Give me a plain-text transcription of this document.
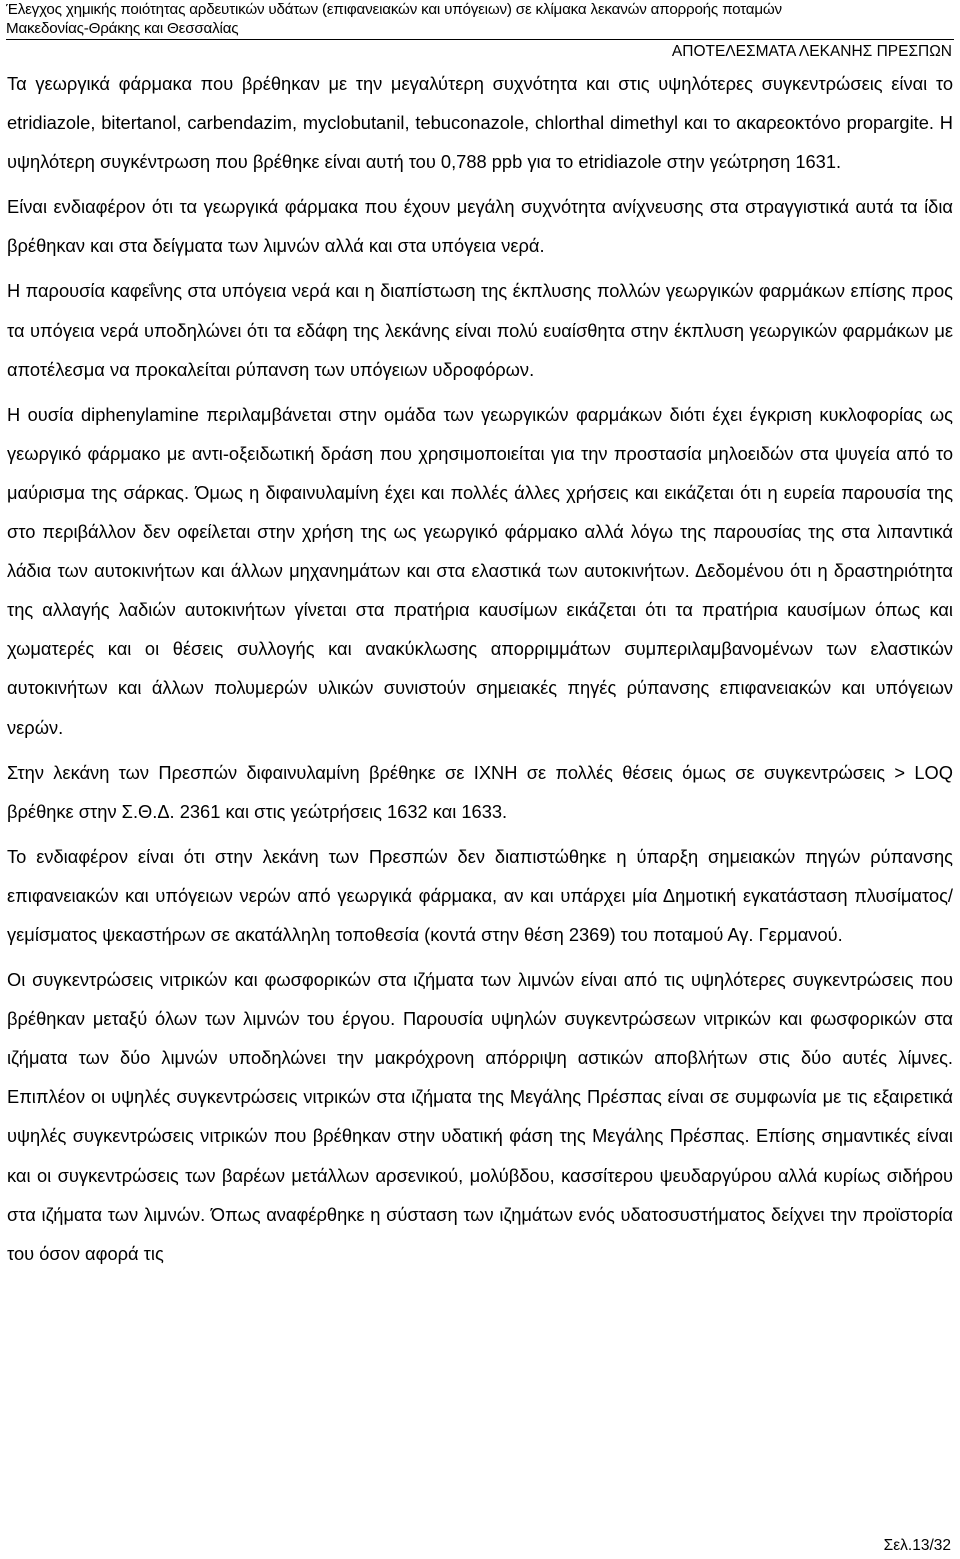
Έλεγχος χημικής ποιότητας αρδευτικών υδάτων (επιφανειακών και υπόγειων) σε κλίμακα λεκανών απορροής ποταμών
Μακεδονίας-Θράκης και Θεσσαλίας
ΑΠΟΤΕΛΕΣΜΑΤΑ ΛΕΚΑΝΗΣ ΠΡΕΣΠΩΝ

Τα γεωργικά φάρμακα που βρέθηκαν με την μεγαλύτερη συχνότητα και στις υψηλότερες συγκεντρώσεις είναι το etridiazole, bitertanol, carbendazim, myclobutanil, tebuconazole, chlorthal dimethyl και το ακαρεοκτόνο propargite. Η υψηλότερη συγκέντρωση που βρέθηκε είναι αυτή του 0,788 ppb για το etridiazole στην γεώτρηση 1631.

Είναι ενδιαφέρον ότι τα γεωργικά φάρμακα που έχουν μεγάλη συχνότητα ανίχνευσης στα στραγγιστικά αυτά τα ίδια βρέθηκαν και στα δείγματα των λιμνών αλλά και στα υπόγεια νερά.

Η παρουσία καφεΐνης στα υπόγεια νερά και η διαπίστωση της έκπλυσης πολλών γεωργικών φαρμάκων επίσης προς τα υπόγεια νερά υποδηλώνει ότι τα εδάφη της λεκάνης είναι πολύ ευαίσθητα στην έκπλυση γεωργικών φαρμάκων με αποτέλεσμα να προκαλείται ρύπανση των υπόγειων υδροφόρων.

Η ουσία diphenylamine περιλαμβάνεται στην ομάδα των γεωργικών φαρμάκων διότι έχει έγκριση κυκλοφορίας ως γεωργικό φάρμακο με αντι-οξειδωτική δράση που χρησιμοποιείται για την προστασία μηλοειδών στα ψυγεία από το μαύρισμα της σάρκας. Όμως η διφαινυλαμίνη έχει και πολλές άλλες χρήσεις και εικάζεται ότι η ευρεία παρουσία της στο περιβάλλον δεν οφείλεται στην χρήση της ως γεωργικό φάρμακο αλλά λόγω της παρουσίας της στα λιπαντικά λάδια των αυτοκινήτων και άλλων μηχανημάτων και στα ελαστικά των αυτοκινήτων. Δεδομένου ότι η δραστηριότητα της αλλαγής λαδιών αυτοκινήτων γίνεται στα πρατήρια καυσίμων εικάζεται ότι τα πρατήρια καυσίμων όπως και χωματερές και οι θέσεις συλλογής και ανακύκλωσης απορριμμάτων συμπεριλαμβανομένων των ελαστικών αυτοκινήτων και άλλων πολυμερών υλικών συνιστούν σημειακές πηγές ρύπανσης επιφανειακών και υπόγειων νερών.

Στην λεκάνη των Πρεσπών διφαινυλαμίνη βρέθηκε σε ΙΧΝΗ σε πολλές θέσεις όμως σε συγκεντρώσεις > LOQ βρέθηκε στην Σ.Θ.Δ. 2361 και στις γεώτρήσεις 1632 και 1633.

Το ενδιαφέρον είναι ότι στην λεκάνη των Πρεσπών δεν διαπιστώθηκε η ύπαρξη σημειακών πηγών ρύπανσης επιφανειακών και υπόγειων νερών από γεωργικά φάρμακα, αν και υπάρχει μία Δημοτική εγκατάσταση πλυσίματος/γεμίσματος ψεκαστήρων σε ακατάλληλη τοποθεσία (κοντά στην θέση 2369) του ποταμού Αγ. Γερμανού.

Οι συγκεντρώσεις νιτρικών και φωσφορικών στα ιζήματα των λιμνών είναι από τις υψηλότερες συγκεντρώσεις που βρέθηκαν μεταξύ όλων των λιμνών του έργου. Παρουσία υψηλών συγκεντρώσεων νιτρικών και φωσφορικών στα ιζήματα των δύο λιμνών υποδηλώνει την μακρόχρονη απόρριψη αστικών αποβλήτων στις δύο αυτές λίμνες. Επιπλέον οι υψηλές συγκεντρώσεις νιτρικών στα ιζήματα της Μεγάλης Πρέσπας είναι σε συμφωνία με τις εξαιρετικά υψηλές συγκεντρώσεις νιτρικών που βρέθηκαν στην υδατική φάση της Μεγάλης Πρέσπας. Επίσης σημαντικές είναι και οι συγκεντρώσεις των βαρέων μετάλλων αρσενικού, μολύβδου, κασσίτερου ψευδαργύρου αλλά κυρίως σιδήρου στα ιζήματα των λιμνών. Όπως αναφέρθηκε η σύσταση των ιζημάτων ενός υδατοσυστήματος δείχνει την προϊστορία του όσον αφορά τις

Σελ.13/32
